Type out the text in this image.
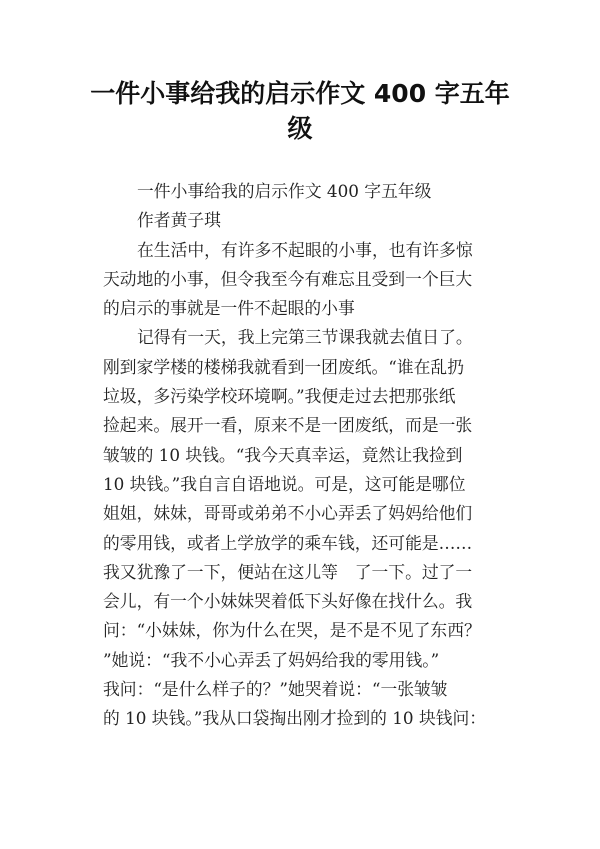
一件小事给我的启示作文 400 字五年
级
一件小事给我的启示作文 400 字五年级
作者黄子琪
在生活中，有许多不起眼的小事，也有许多惊
天动地的小事，但令我至今有难忘且受到一个巨大
的启示的事就是一件不起眼的小事
记得有一天，我上完第三节课我就去值日了。
刚到家学楼的楼梯我就看到一团废纸。“谁在乱扔
垃圾，多污染学校环境啊。”我便走过去把那张纸
捡起来。展开一看，原来不是一团废纸，而是一张
皱皱的 10 块钱。“我今天真幸运，竟然让我捡到
10 块钱。”我自言自语地说。可是，这可能是哪位
姐姐，妹妹，哥哥或弟弟不小心弄丢了妈妈给他们
的零用钱，或者上学放学的乘车钱，还可能是……
我又犹豫了一下，便站在这儿等　了一下。过了一
会儿，有一个小妹妹哭着低下头好像在找什么。我
问：“小妹妹，你为什么在哭，是不是不见了东西？
”她说：“我不小心弄丢了妈妈给我的零用钱。”
我问：“是什么样子的？”她哭着说：“一张皱皱
的 10 块钱。”我从口袋掏出刚才捡到的 10 块钱问：
